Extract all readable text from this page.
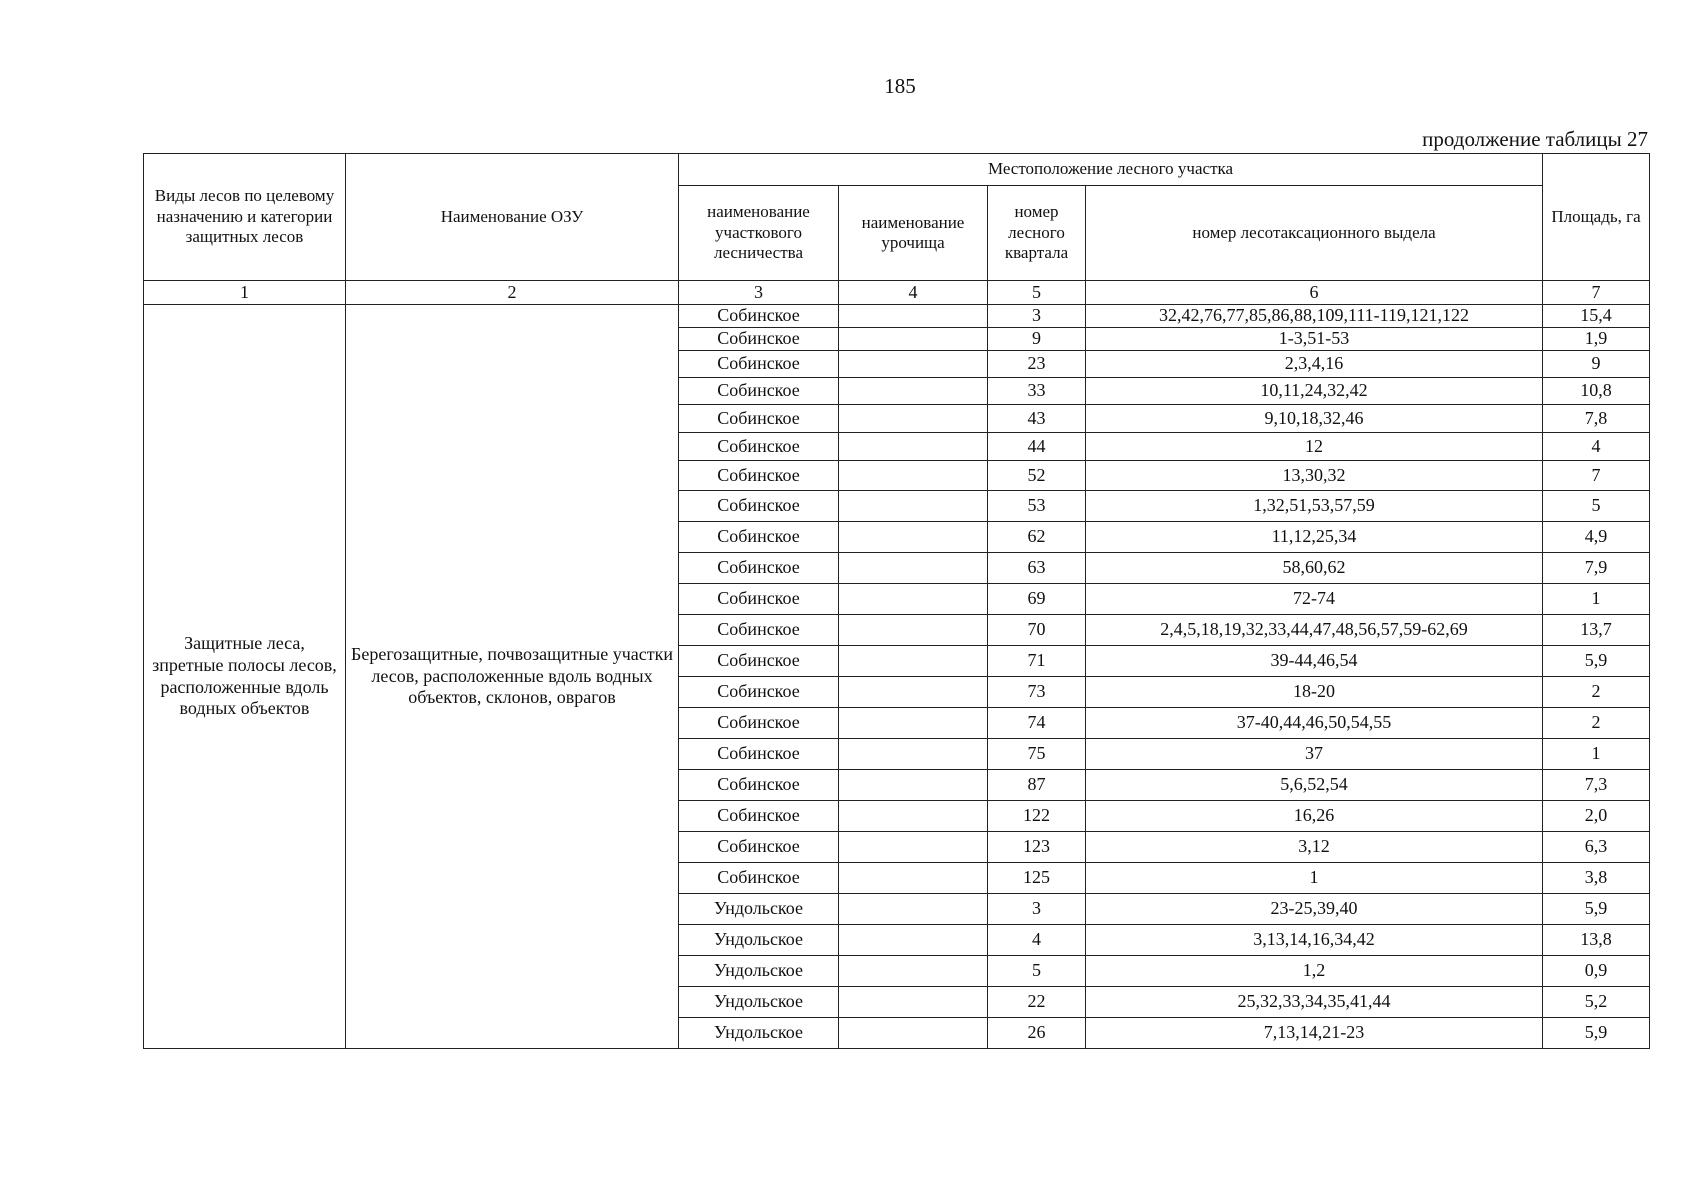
185
продолжение таблицы 27
Виды лесов по целевому назначению и категории защитных лесов	Наименование ОЗУ	Местоположение лесного участка				Площадь, га
		наименование участкового лесничества	наименование урочища	номер лесного квартала	номер лесотаксационного выдела	
1	2	3	4	5	6	7
Защитные леса, зпретные полосы лесов, расположенные вдоль водных объектов	Берегозащитные, почвозащитные участки лесов, расположенные вдоль водных объектов, склонов, оврагов	Собинское		3	32,42,76,77,85,86,88,109,111-119,121,122	15,4
		Собинское		9	1-3,51-53	1,9
		Собинское		23	2,3,4,16	9
		Собинское		33	10,11,24,32,42	10,8
		Собинское		43	9,10,18,32,46	7,8
		Собинское		44	12	4
		Собинское		52	13,30,32	7
		Собинское		53	1,32,51,53,57,59	5
		Собинское		62	11,12,25,34	4,9
		Собинское		63	58,60,62	7,9
		Собинское		69	72-74	1
		Собинское		70	2,4,5,18,19,32,33,44,47,48,56,57,59-62,69	13,7
		Собинское		71	39-44,46,54	5,9
		Собинское		73	18-20	2
		Собинское		74	37-40,44,46,50,54,55	2
		Собинское		75	37	1
		Собинское		87	5,6,52,54	7,3
		Собинское		122	16,26	2,0
		Собинское		123	3,12	6,3
		Собинское		125	1	3,8
		Ундольское		3	23-25,39,40	5,9
		Ундольское		4	3,13,14,16,34,42	13,8
		Ундольское		5	1,2	0,9
		Ундольское		22	25,32,33,34,35,41,44	5,2
		Ундольское		26	7,13,14,21-23	5,9
